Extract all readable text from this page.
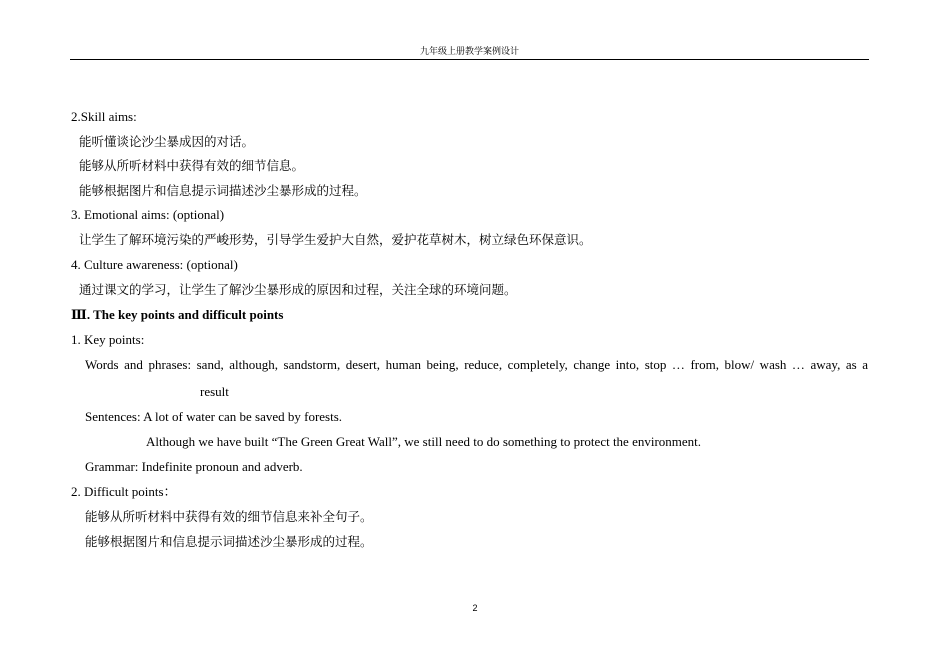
九年级上册教学案例设计
2.Skill aims:
能听懂谈论沙尘暴成因的对话。
能够从所听材料中获得有效的细节信息。
能够根据图片和信息提示词描述沙尘暴形成的过程。
3. Emotional aims: (optional)
让学生了解环境污染的严峻形势，引导学生爱护大自然，爱护花草树木，树立绿色环保意识。
4. Culture awareness: (optional)
通过课文的学习，让学生了解沙尘暴形成的原因和过程，关注全球的环境问题。
Ⅲ. The key points and difficult points
1. Key points:
Words and phrases: sand, although, sandstorm, desert, human being, reduce, completely, change into, stop … from, blow/ wash … away, as a
result
Sentences: A lot of water can be saved by forests.
Although we have built “The Green Great Wall”, we still need to do something to protect the environment.
Grammar: Indefinite pronoun and adverb.
2. Difficult points：
能够从所听材料中获得有效的细节信息来补全句子。
能够根据图片和信息提示词描述沙尘暴形成的过程。
2
